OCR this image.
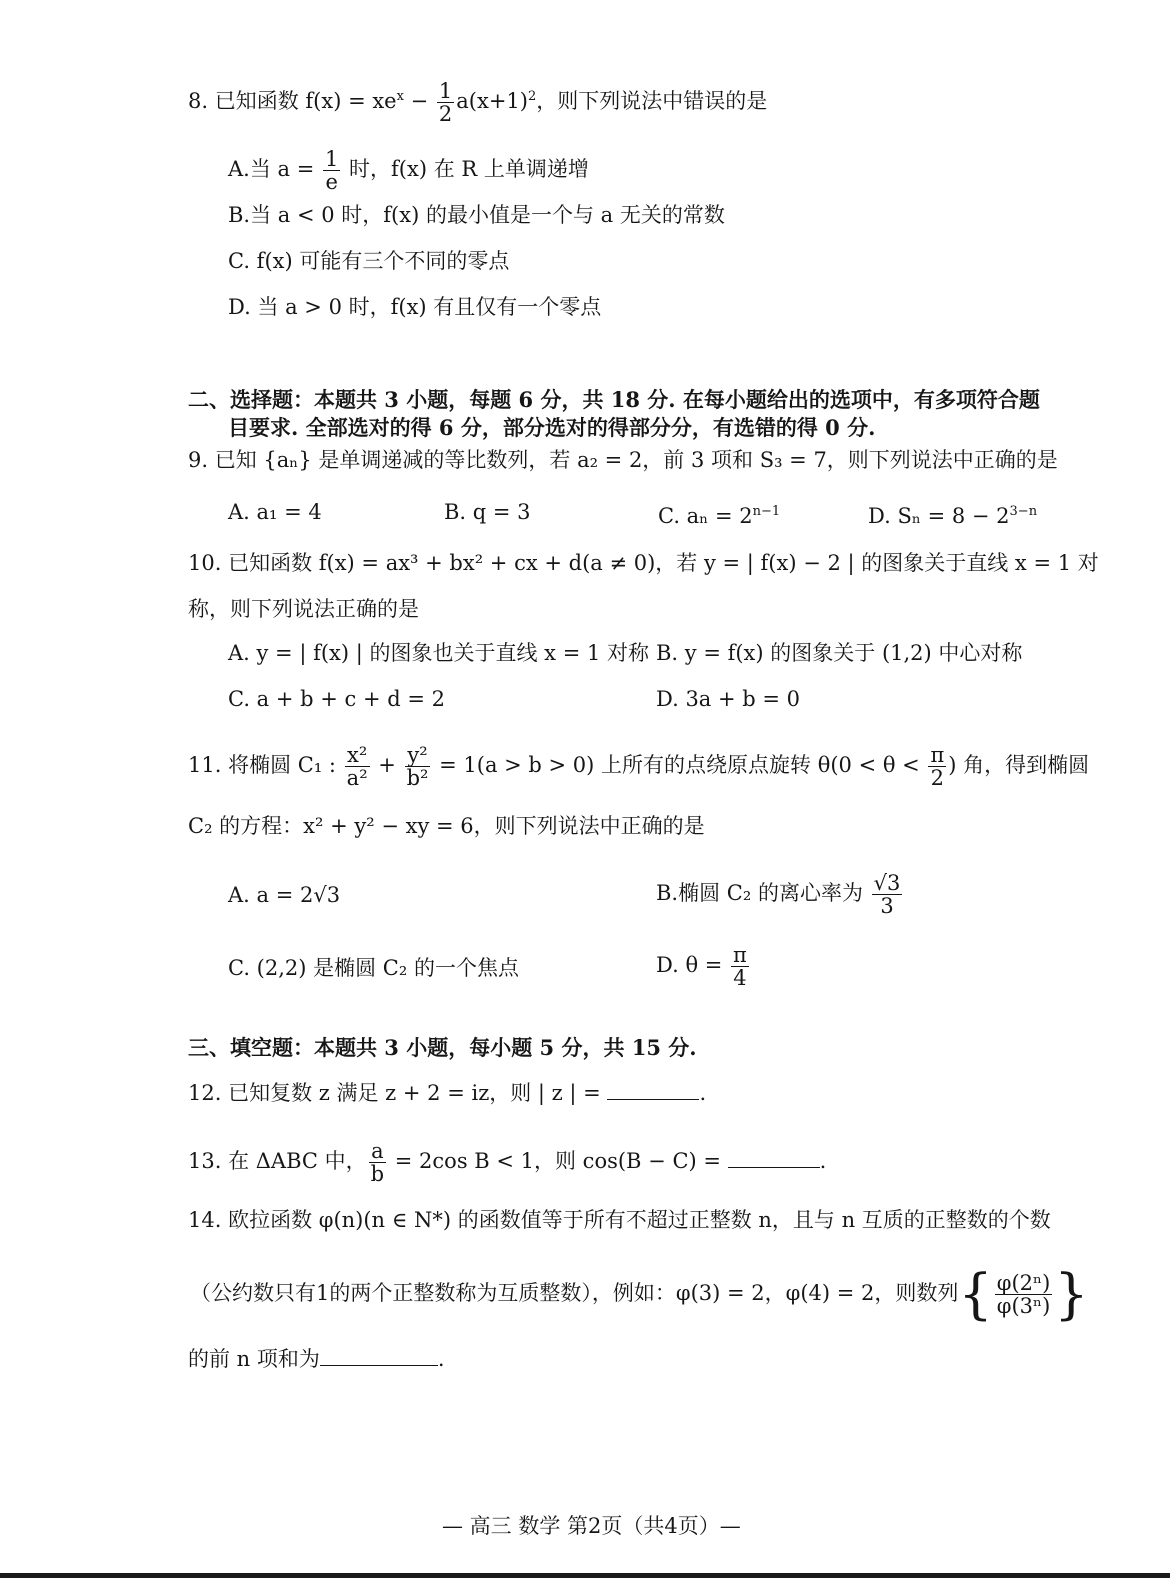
8. 已知函数 $f(x) = xe^x - \frac{1}{2} a(x+1)^2$，则下列说法中错误的是
A.当 $a = \frac{1}{e}$ 时，f(x) 在 R 上单调递增
B.当 a < 0 时，f(x) 的最小值是一个与 a 无关的常数
C. f(x) 可能有三个不同的零点
D. 当 a > 0 时，f(x) 有且仅有一个零点
二、选择题：本题共 3 小题，每题 6 分，共 18 分. 在每小题给出的选项中，有多项符合题
目要求. 全部选对的得 6 分，部分选对的得部分分，有选错的得 0 分.
9. 已知 {aₙ} 是单调递减的等比数列，若 a₂ = 2，前 3 项和 S₃ = 7，则下列说法中正确的是
A. a₁ = 4	B. q = 3	C. $a_n = 2^{n-1}$	D. $S_n = 8 - 2^{3-n}$
10. 已知函数 f(x) = ax³ + bx² + cx + d(a ≠ 0)，若 y = | f(x) − 2 | 的图象关于直线 x = 1 对
称，则下列说法正确的是
A. y = | f(x) | 的图象也关于直线 x = 1 对称 B. y = f(x) 的图象关于 (1,2) 中心对称
C. a + b + c + d = 2	D. 3a + b = 0
11. 将椭圆 C₁ : $\frac{\text{x²}}{\text{a²}} + \frac{\text{y²}}{\text{b²}} = 1(a > b > 0)$ 上所有的点绕原点旋转 $\theta(0 < \theta < \frac{\pi}{2}$ ) 角，得到椭圆
C₂ 的方程：x² + y² − xy = 6，则下列说法中正确的是
A. a = 2√3	B.椭圆 C₂ 的离心率为 $\frac{√3}{3}$
C. (2,2) 是椭圆 C₂ 的一个焦点	D. $\theta = \frac{\pi}{4}$
三、填空题：本题共 3 小题，每小题 5 分，共 15 分.
12. 已知复数 z 满足 z + 2 = iz，则 | z | =	.
13. 在 ΔABC 中， $\frac{a}{b} = 2\cos$ B < 1，则 cos(B − C) =	.
14. 欧拉函数 φ(n)(n ∈ N*) 的函数值等于所有不超过正整数 n，且与 n 互质的正整数的个数
（公约数只有1的两个正整数称为互质整数），例如：φ(3) = 2，φ(4) = 2，则数列{ $\frac{\text{φ(2ⁿ)}}{\text{φ(3ⁿ)}}$ }
的前 n 项和为	.
— 高三 数学 第2页（共4页）—
